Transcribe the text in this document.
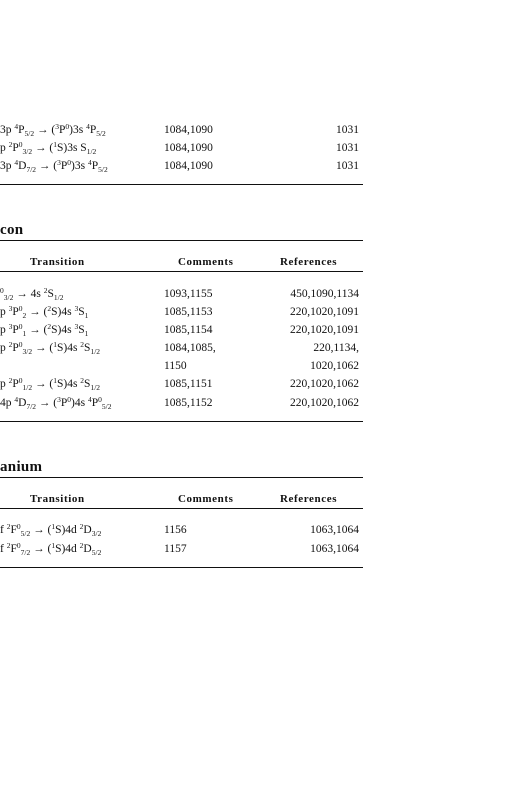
3p $^4P_{5/2} \to (^3P^0)3s$ $^4P_{5/2}$	1084,1090	1031
p $^2P^0_{3/2} \to (^1S)3s$ $S_{1/2}$	1084,1090	1031
3p $^4D_{7/2} \to (^3P^0)3s$ $^4P_{5/2}$	1084,1090	1031
con
Transition	Comments	References
$^0_{3/2}$ → 4s $^2S_{1/2}$	1093,1155	450,1090,1134
p $^3P^0_2 \to (^2S)4s$ $^3S_1$	1085,1153	220,1020,1091
p $^3P^0_1 \to (^2S)4s$ $^3S_1$	1085,1154	220,1020,1091
p $^2P^0_{3/2} \to (^1S)4s$ $^2S_{1/2}$	1084,1085,	220,1134,
1150	1020,1062
p $^2P^0_{1/2} \to (^1S)4s$ $^2S_{1/2}$	1085,1151	220,1020,1062
4p $^4D_{7/2} \to (^3P^0)4s$ $^4P^0_{5/2}$	1085,1152	220,1020,1062
anium
Transition	Comments	References
f $^2F^0_{5/2} \to (^1S)4d$ $^2D_{3/2}$	1156	1063,1064
f $^2F^0_{7/2} \to (^1S)4d$ $^2D_{5/2}$	1157	1063,1064
